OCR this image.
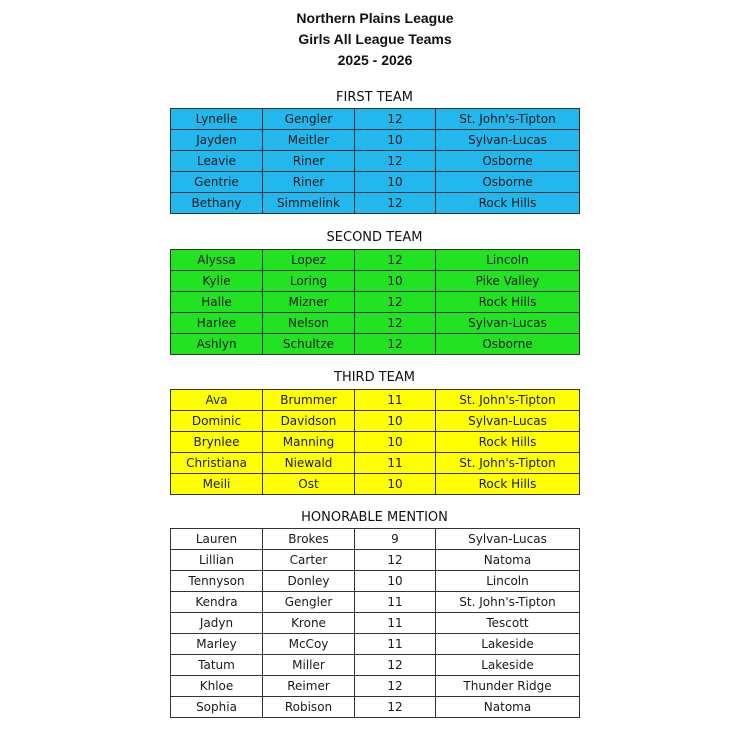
Northern Plains League
Girls All League Teams
2025 - 2026
FIRST TEAM
Lynelle	Gengler	12	St. John's-Tipton
Jayden	Meitler	10	Sylvan-Lucas
Leavie	Riner	12	Osborne
Gentrie	Riner	10	Osborne
Bethany	Simmelink	12	Rock Hills
SECOND TEAM
Alyssa	Lopez	12	Lincoln
Kylie	Loring	10	Pike Valley
Halle	Mizner	12	Rock Hills
Harlee	Nelson	12	Sylvan-Lucas
Ashlyn	Schultze	12	Osborne
THIRD TEAM
Ava	Brummer	11	St. John's-Tipton
Dominic	Davidson	10	Sylvan-Lucas
Brynlee	Manning	10	Rock Hills
Christiana	Niewald	11	St. John's-Tipton
Meili	Ost	10	Rock Hills
HONORABLE MENTION
Lauren	Brokes	9	Sylvan-Lucas
Lillian	Carter	12	Natoma
Tennyson	Donley	10	Lincoln
Kendra	Gengler	11	St. John's-Tipton
Jadyn	Krone	11	Tescott
Marley	McCoy	11	Lakeside
Tatum	Miller	12	Lakeside
Khloe	Reimer	12	Thunder Ridge
Sophia	Robison	12	Natoma
